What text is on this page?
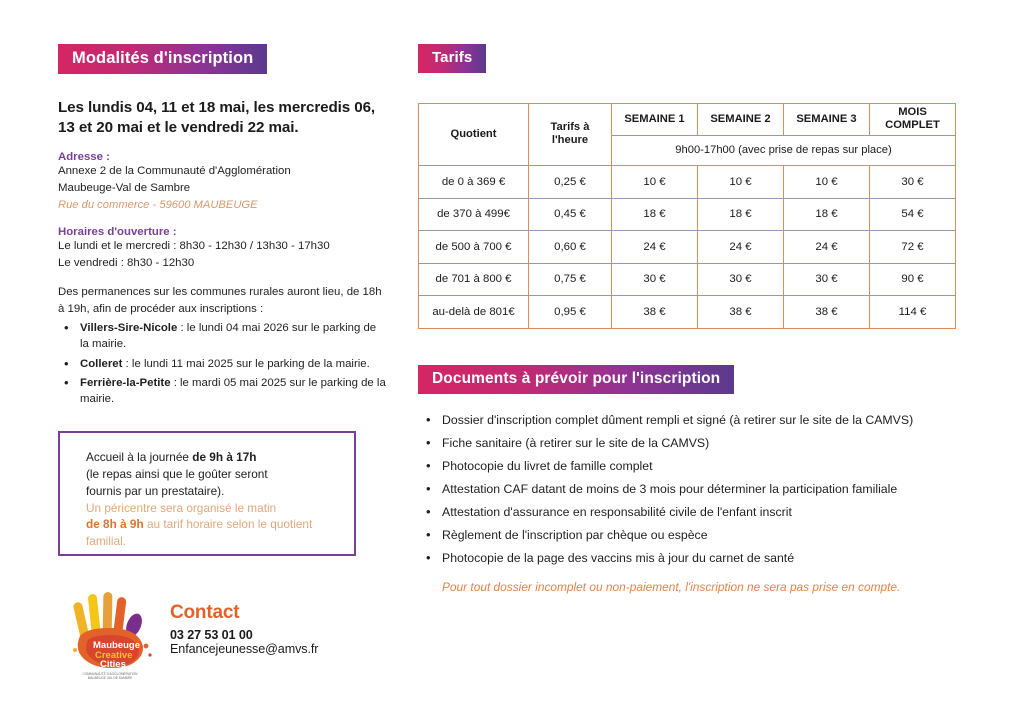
Modalités d'inscription
Les lundis 04, 11 et 18 mai, les mercredis 06, 13 et 20 mai et le vendredi 22 mai.
Adresse :
Annexe 2 de la Communauté d'Agglomération
Maubeuge-Val de Sambre
Rue du commerce - 59600 MAUBEUGE
Horaires d'ouverture :
Le lundi et le mercredi : 8h30 - 12h30 / 13h30 - 17h30
Le vendredi : 8h30 - 12h30
Des permanences sur les communes rurales auront lieu, de 18h à 19h, afin de procéder aux inscriptions :
• Villers-Sire-Nicole : le lundi 04 mai 2026 sur le parking de la mairie.
• Colleret : le lundi 11 mai 2025 sur le parking de la mairie.
• Ferrière-la-Petite : le mardi 05 mai 2025 sur le parking de la mairie.
Accueil à la journée de 9h à 17h
(le repas ainsi que le goûter seront
fournis par un prestataire).
Un péricentre sera organisé le matin
de 8h à 9h au tarif horaire selon le quotient familial.
Maubeuge
Creative
Cities
COMMUNAUTÉ D'AGGLOMÉRATION
MAUBEUGE VAL DE SAMBRE
Contact
03 27 53 01 00
Enfancejeunesse@amvs.fr
Tarifs
Quotient	Tarifs à l'heure	SEMAINE 1	SEMAINE 2	SEMAINE 3	MOIS COMPLET
		9h00-17h00 (avec prise de repas sur place)			
de 0 à 369 €	0,25 €	10 €	10 €	10 €	30 €
de 370 à 499€	0,45 €	18 €	18 €	18 €	54 €
de 500 à 700 €	0,60 €	24 €	24 €	24 €	72 €
de 701 à 800 €	0,75 €	30 €	30 €	30 €	90 €
au-delà de 801€	0,95 €	38 €	38 €	38 €	114 €
Documents à prévoir pour l'inscription
• Dossier d'inscription complet dûment rempli et signé (à retirer sur le site de la CAMVS)
• Fiche sanitaire (à retirer sur le site de la CAMVS)
• Photocopie du livret de famille complet
• Attestation CAF datant de moins de 3 mois pour déterminer la participation familiale
• Attestation d'assurance en responsabilité civile de l'enfant inscrit
• Règlement de l'inscription par chèque ou espèce
• Photocopie de la page des vaccins mis à jour du carnet de santé
Pour tout dossier incomplet ou non-paiement, l'inscription ne sera pas prise en compte.
